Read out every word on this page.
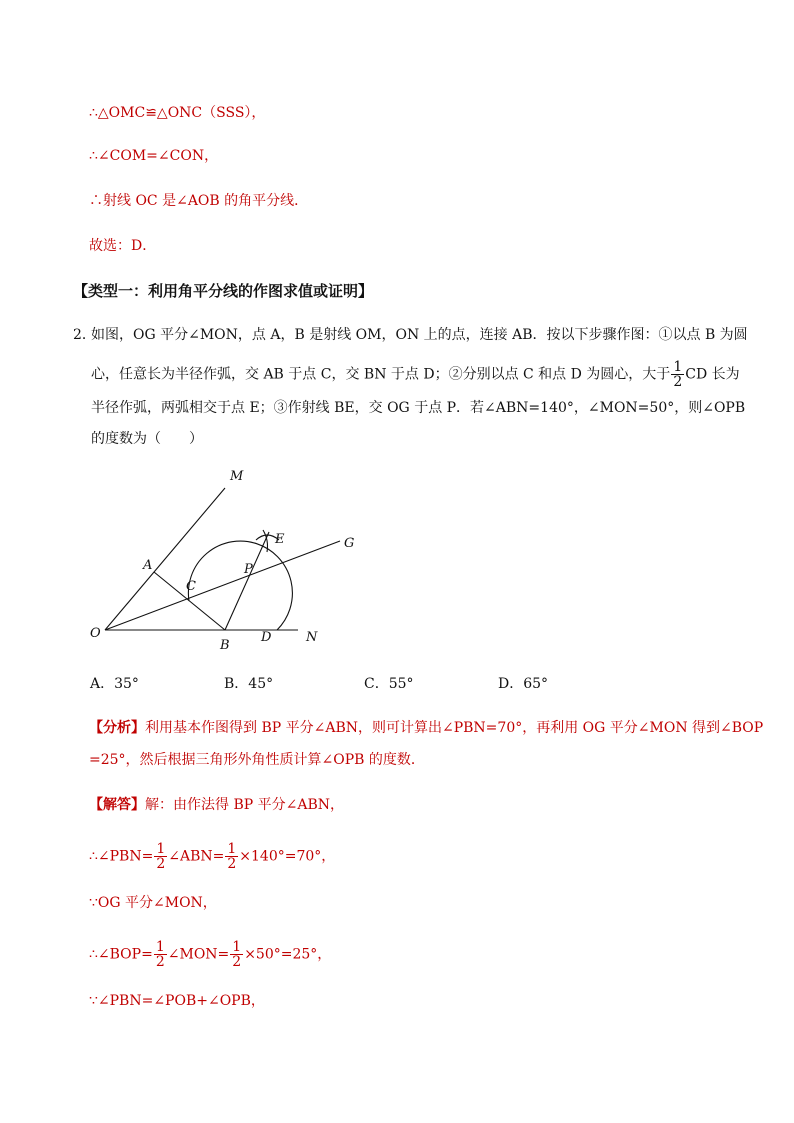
∴△OMC≌△ONC（SSS），
∴∠COM=∠CON，
∴射线 OC 是∠AOB 的角平分线．
故选：D．
【类型一：利用角平分线的作图求值或证明】
2．
如图，OG 平分∠MON，点 A，B 是射线 OM，ON 上的点，连接 AB．按以下步骤作图：①以点 B 为圆
心，任意长为半径作弧，交 AB 于点 C，交 BN 于点 D；②分别以点 C 和点 D 为圆心，大于 $\frac{1}{2}$ CD 长为
半径作弧，两弧相交于点 E；③作射线 BE，交 OG 于点 P．若∠ABN=140°，∠MON=50°，则∠OPB
的度数为（　　）
M
G
E
A	P
C
O
B
D	N
A．35°	B．45°	C．55°	D．65°
【分析】利用基本作图得到 BP 平分∠ABN，则可计算出∠PBN=70°，再利用 OG 平分∠MON 得到∠BOP
=25°，然后根据三角形外角性质计算∠OPB 的度数．
【解答】解：由作法得 BP 平分∠ABN，
∴∠PBN= $\frac{1}{2}$ ∠ABN= $\frac{1}{2} \times 140^\circ=70^\circ$，
∵OG 平分∠MON，
∴∠BOP= $\frac{1}{2}$ ∠MON= $\frac{1}{2} \times 50^\circ=25^\circ$，
∵∠PBN=∠POB+∠OPB，
